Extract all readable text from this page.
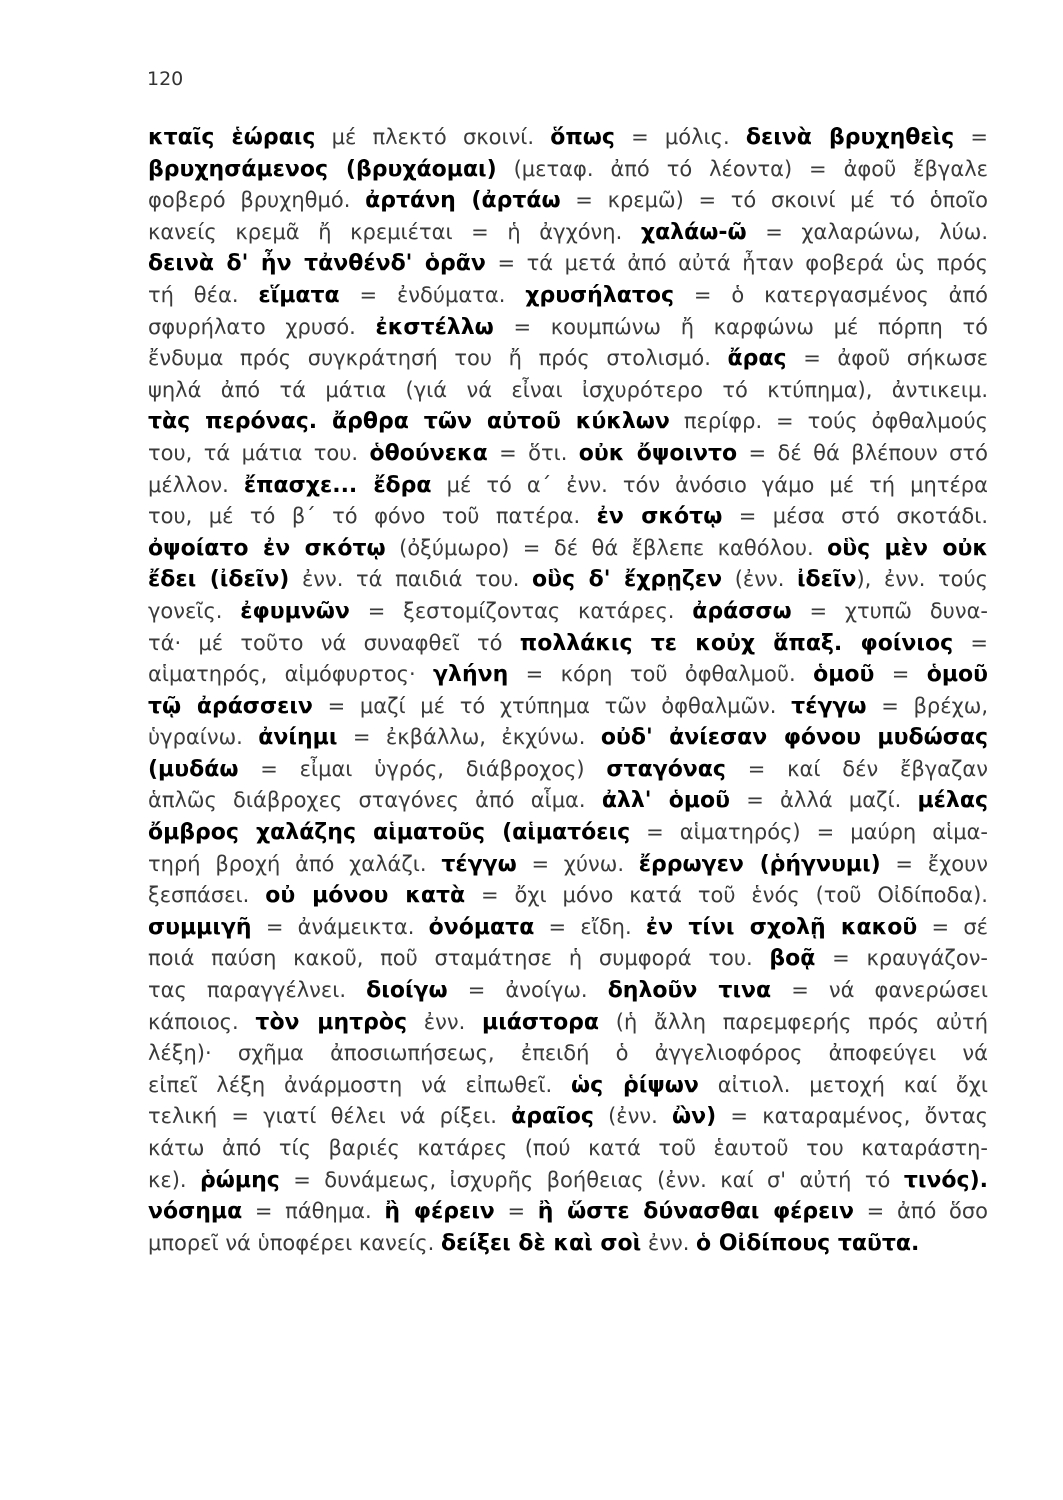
120
κταῖς ἑώραις μέ πλεκτό σκοινί. ὅπως = μόλις. δεινὰ βρυχηθεὶς =
βρυχησάμενος (βρυχάομαι) (μεταφ. ἀπό τό λέοντα) = ἀφοῦ ἔβγαλε
φοβερό βρυχηθμό. ἀρτάνη (ἀρτάω = κρεμῶ) = τό σκοινί μέ τό ὁποῖο
κανείς κρεμᾶ ἤ κρεμιέται = ἡ ἀγχόνη. χαλάω-ῶ = χαλαρώνω, λύω.
δεινὰ δ' ἦν τἀνθένδ' ὁρᾶν = τά μετά ἀπό αὐτά ἦταν φοβερά ὡς πρός
τή θέα. εἵματα = ἐνδύματα. χρυσήλατος = ὁ κατεργασμένος ἀπό
σφυρήλατο χρυσό. ἐκστέλλω = κουμπώνω ἤ καρφώνω μέ πόρπη τό
ἔνδυμα πρός συγκράτησή του ἤ πρός στολισμό. ἄρας = ἀφοῦ σήκωσε
ψηλά ἀπό τά μάτια (γιά νά εἶναι ἰσχυρότερο τό κτύπημα), ἀντικειμ.
τὰς περόνας. ἄρθρα τῶν αὐτοῦ κύκλων περίφρ. = τούς ὀφθαλμούς
του, τά μάτια του. ὁθούνεκα = ὅτι. οὐκ ὄψοιντο = δέ θά βλέπουν στό
μέλλον. ἔπασχε... ἔδρα μέ τό α΄ ἐνν. τόν ἀνόσιο γάμο μέ τή μητέρα
του, μέ τό β΄ τό φόνο τοῦ πατέρα. ἐν σκότῳ = μέσα στό σκοτάδι.
ὀψοίατο ἐν σκότῳ (ὀξύμωρο) = δέ θά ἔβλεπε καθόλου. οὓς μὲν οὐκ
ἔδει (ἰδεῖν) ἐνν. τά παιδιά του. οὓς δ' ἔχρῃζεν (ἐνν. ἰδεῖν), ἐνν. τούς
γονεῖς. ἐφυμνῶν = ξεστομίζοντας κατάρες. ἀράσσω = χτυπῶ δυνα-
τά· μέ τοῦτο νά συναφθεῖ τό πολλάκις τε κοὐχ ἅπαξ. φοίνιος =
αἱματηρός, αἱμόφυρτος· γλήνη = κόρη τοῦ ὀφθαλμοῦ. ὁμοῦ = ὁμοῦ
τῷ ἀράσσειν = μαζί μέ τό χτύπημα τῶν ὀφθαλμῶν. τέγγω = βρέχω,
ὑγραίνω. ἀνίημι = ἐκβάλλω, ἐκχύνω. οὐδ' ἀνίεσαν φόνου μυδώσας
(μυδάω = εἶμαι ὑγρός, διάβροχος) σταγόνας = καί δέν ἔβγαζαν
ἁπλῶς διάβροχες σταγόνες ἀπό αἷμα. ἀλλ' ὁμοῦ = ἀλλά μαζί. μέλας
ὄμβρος χαλάζης αἱματοῦς (αἱματόεις = αἱματηρός) = μαύρη αἱμα-
τηρή βροχή ἀπό χαλάζι. τέγγω = χύνω. ἔρρωγεν (ῥήγνυμι) = ἔχουν
ξεσπάσει. οὐ μόνου κατὰ = ὄχι μόνο κατά τοῦ ἑνός (τοῦ Οἰδίποδα).
συμμιγῆ = ἀνάμεικτα. ὀνόματα = εἴδη. ἐν τίνι σχολῇ κακοῦ = σέ
ποιά παύση κακοῦ, ποῦ σταμάτησε ἡ συμφορά του. βοᾷ = κραυγάζον-
τας παραγγέλνει. διοίγω = ἀνοίγω. δηλοῦν τινα = νά φανερώσει
κάποιος. τὸν μητρὸς ἐνν. μιάστορα (ἡ ἄλλη παρεμφερής πρός αὐτή
λέξη)· σχῆμα ἀποσιωπήσεως, ἐπειδή ὁ ἀγγελιοφόρος ἀποφεύγει νά
εἰπεῖ λέξη ἀνάρμοστη νά εἰπωθεῖ. ὡς ῥίψων αἰτιολ. μετοχή καί ὄχι
τελική = γιατί θέλει νά ρίξει. ἀραῖος (ἐνν. ὢν) = καταραμένος, ὄντας
κάτω ἀπό τίς βαριές κατάρες (πού κατά τοῦ ἑαυτοῦ του καταράστη-
κε). ῥώμης = δυνάμεως, ἰσχυρῆς βοήθειας (ἐνν. καί σ' αὐτή τό τινός).
νόσημα = πάθημα. ἢ φέρειν = ἢ ὥστε δύνασθαι φέρειν = ἀπό ὅσο
μπορεῖ νά ὑποφέρει κανείς. δείξει δὲ καὶ σοὶ ἐνν. ὁ Οἰδίπους ταῦτα.
